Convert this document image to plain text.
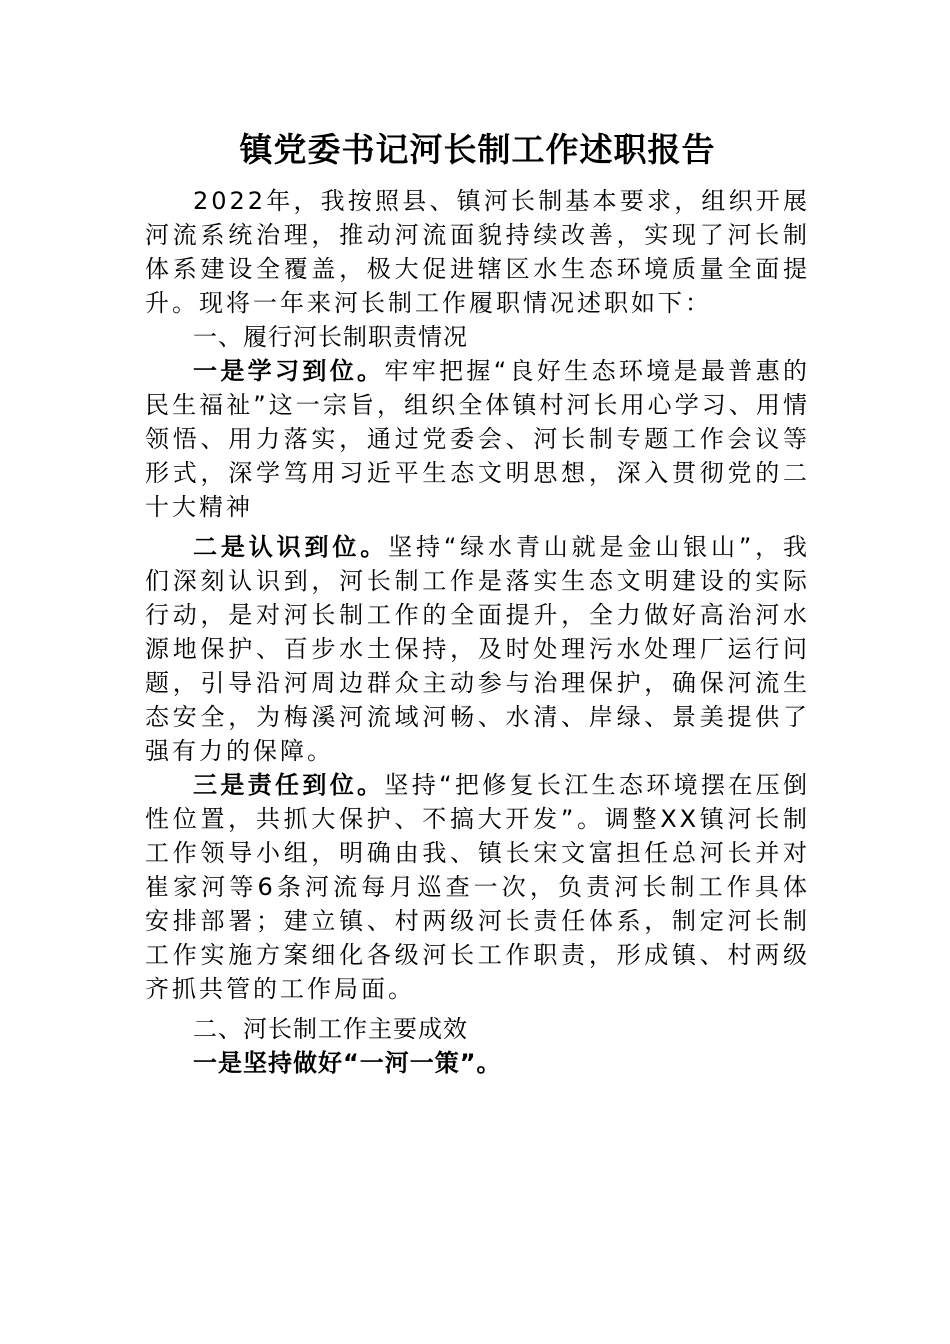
镇党委书记河长制工作述职报告

2022年，我按照县、镇河长制基本要求，组织开展河流系统治理，推动河流面貌持续改善，实现了河长制体系建设全覆盖，极大促进辖区水生态环境质量全面提升。现将一年来河长制工作履职情况述职如下：

一、履行河长制职责情况

一是学习到位。牢牢把握“良好生态环境是最普惠的民生福祉”这一宗旨，组织全体镇村河长用心学习、用情领悟、用力落实，通过党委会、河长制专题工作会议等形式，深学笃用习近平生态文明思想，深入贯彻党的二十大精神

二是认识到位。坚持“绿水青山就是金山银山”，我们深刻认识到，河长制工作是落实生态文明建设的实际行动，是对河长制工作的全面提升，全力做好高治河水源地保护、百步水土保持，及时处理污水处理厂运行问题，引导沿河周边群众主动参与治理保护，确保河流生态安全，为梅溪河流域河畅、水清、岸绿、景美提供了强有力的保障。

三是责任到位。坚持“把修复长江生态环境摆在压倒性位置，共抓大保护、不搞大开发”。调整XX镇河长制工作领导小组，明确由我、镇长宋文富担任总河长并对崔家河等6条河流每月巡查一次，负责河长制工作具体安排部署；建立镇、村两级河长责任体系，制定河长制工作实施方案细化各级河长工作职责，形成镇、村两级齐抓共管的工作局面。

二、河长制工作主要成效

一是坚持做好“一河一策”。
